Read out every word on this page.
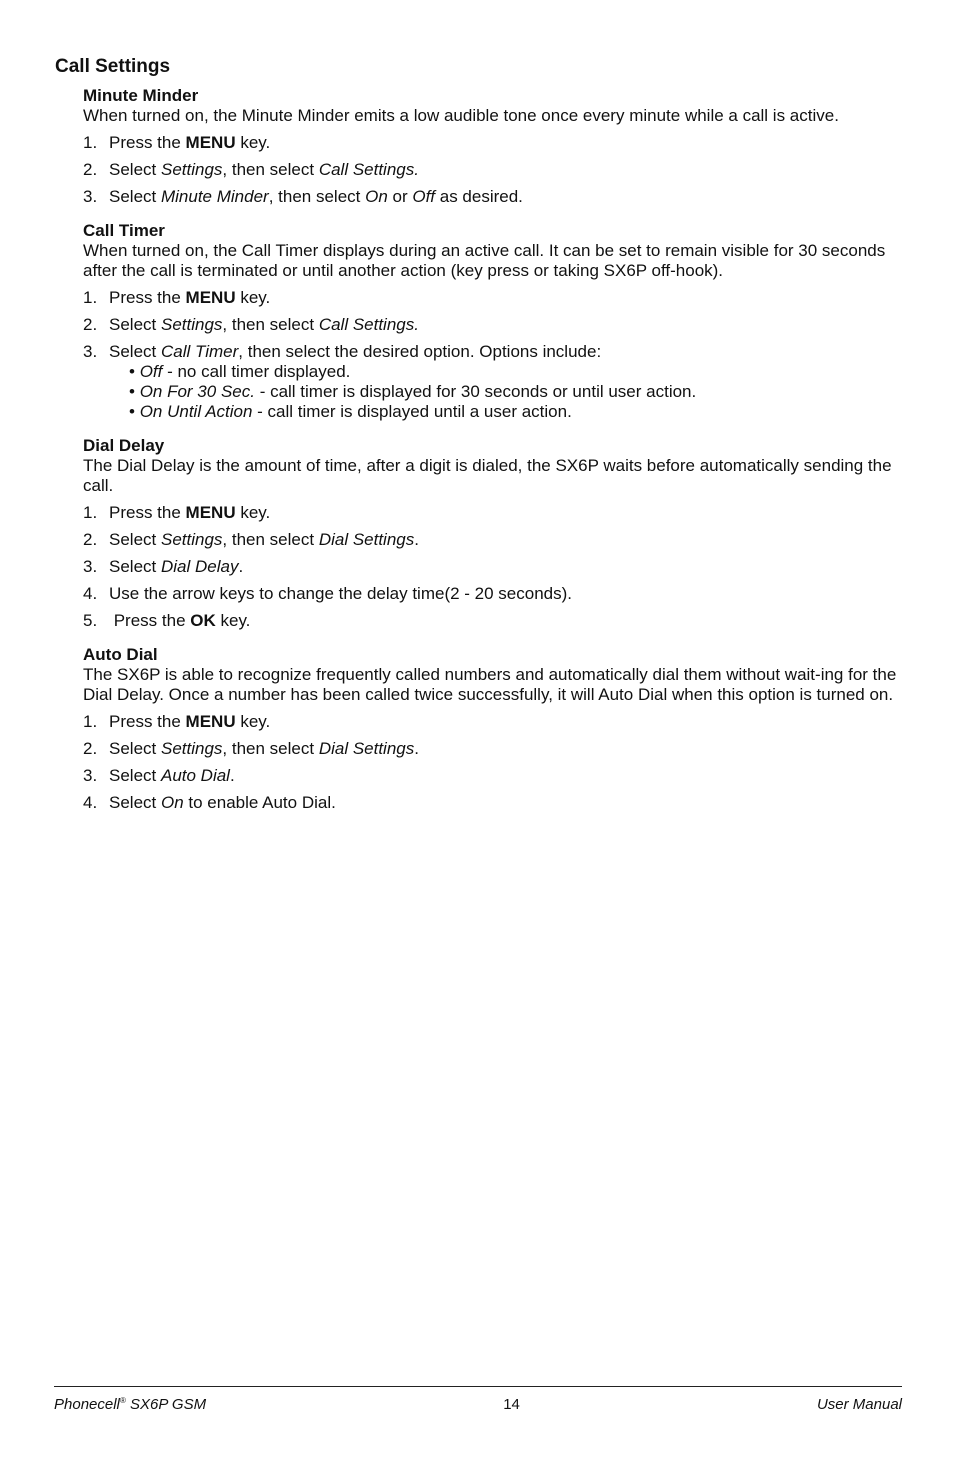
Call Settings
Minute Minder

When turned on, the Minute Minder emits a low audible tone once every minute while a call is active.

1. Press the MENU key.
2. Select Settings, then select Call Settings.
3. Select Minute Minder, then select On or Off as desired.
Call Timer

When turned on, the Call Timer displays during an active call. It can be set to remain visible for 30 seconds after the call is terminated or until another action (key press or taking SX6P off-hook).

1. Press the MENU key.
2. Select Settings, then select Call Settings.
3. Select Call Timer, then select the desired option. Options include:
• Off - no call timer displayed.
• On For 30 Sec. - call timer is displayed for 30 seconds or until user action.
• On Until Action - call timer is displayed until a user action.
Dial Delay

The Dial Delay is the amount of time, after a digit is dialed, the SX6P waits before automatically sending the call.

1. Press the MENU key.
2. Select Settings, then select Dial Settings.
3. Select Dial Delay.
4. Use the arrow keys to change the delay time(2 - 20 seconds).
5. Press the OK key.
Auto Dial

The SX6P is able to recognize frequently called numbers and automatically dial them without wait-ing for the Dial Delay. Once a number has been called twice successfully, it will Auto Dial when this option is turned on.

1. Press the MENU key.
2. Select Settings, then select Dial Settings.
3. Select Auto Dial.
4. Select On to enable Auto Dial.
Phonecell® SX6P GSM	14	User Manual
